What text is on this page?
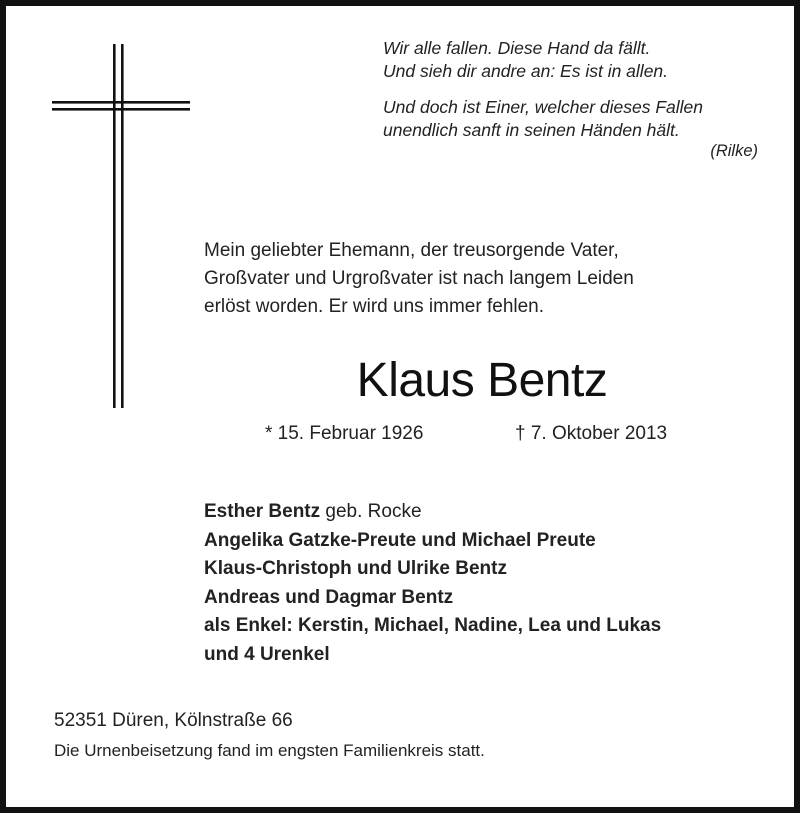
Wir alle fallen. Diese Hand da fällt.
Und sieh dir andre an: Es ist in allen.
Und doch ist Einer, welcher dieses Fallen
unendlich sanft in seinen Händen hält.
(Rilke)
Mein geliebter Ehemann, der treusorgende Vater,
Großvater und Urgroßvater ist nach langem Leiden
erlöst worden. Er wird uns immer fehlen.
Klaus Bentz
* 15. Februar 1926	† 7. Oktober 2013
Esther Bentz geb. Rocke
Angelika Gatzke-Preute und Michael Preute
Klaus-Christoph und Ulrike Bentz
Andreas und Dagmar Bentz
als Enkel: Kerstin, Michael, Nadine, Lea und Lukas
und 4 Urenkel
52351 Düren, Kölnstraße 66
Die Urnenbeisetzung fand im engsten Familienkreis statt.
